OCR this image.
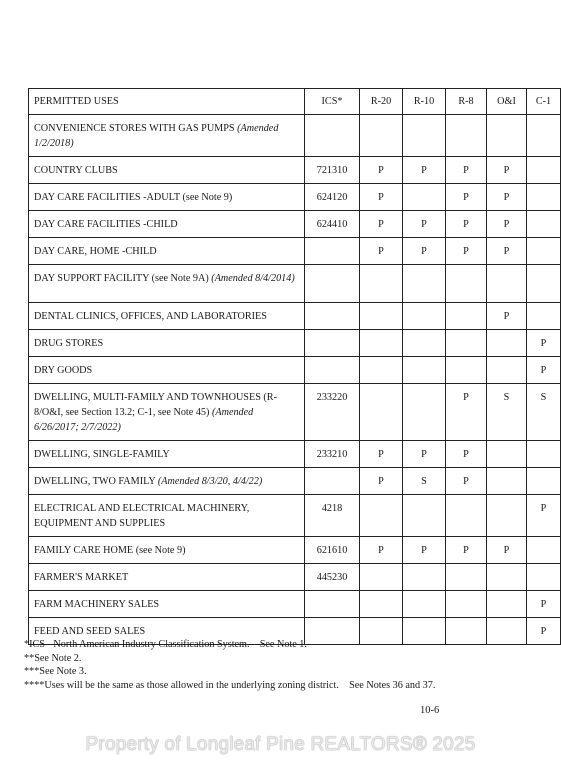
PERMITTED USES	ICS*	R-20	R-10	R-8	O&I	C-1
CONVENIENCE STORES WITH GAS PUMPS (Amended 1/2/2018)						
COUNTRY CLUBS	721310	P	P	P	P	
DAY CARE FACILITIES -ADULT (see Note 9)	624120	P		P	P	
DAY CARE FACILITIES -CHILD	624410	P	P	P	P	
DAY CARE, HOME -CHILD		P	P	P	P	
DAY SUPPORT FACILITY (see Note 9A) (Amended 8/4/2014)						
DENTAL CLINICS, OFFICES, AND LABORATORIES					P	
DRUG STORES						P
DRY GOODS						P
DWELLING, MULTI-FAMILY AND TOWNHOUSES (R-8/O&I, see Section 13.2; C-1, see Note 45) (Amended 6/26/2017; 2/7/2022)	233220			P	S	S
DWELLING, SINGLE-FAMILY	233210	P	P	P		
DWELLING, TWO FAMILY (Amended 8/3/20, 4/4/22)		P	S	P		
ELECTRICAL AND ELECTRICAL MACHINERY, EQUIPMENT AND SUPPLIES	4218					P
FAMILY CARE HOME (see Note 9)	621610	P	P	P	P	
FARMER'S MARKET	445230					
FARM MACHINERY SALES						P
FEED AND SEED SALES						P
*ICS - North American Industry Classification System.    See Note 1.
**See Note 2.
***See Note 3.
****Uses will be the same as those allowed in the underlying zoning district.    See Notes 36 and 37.
10-6
Property of Longleaf Pine REALTORS® 2025
